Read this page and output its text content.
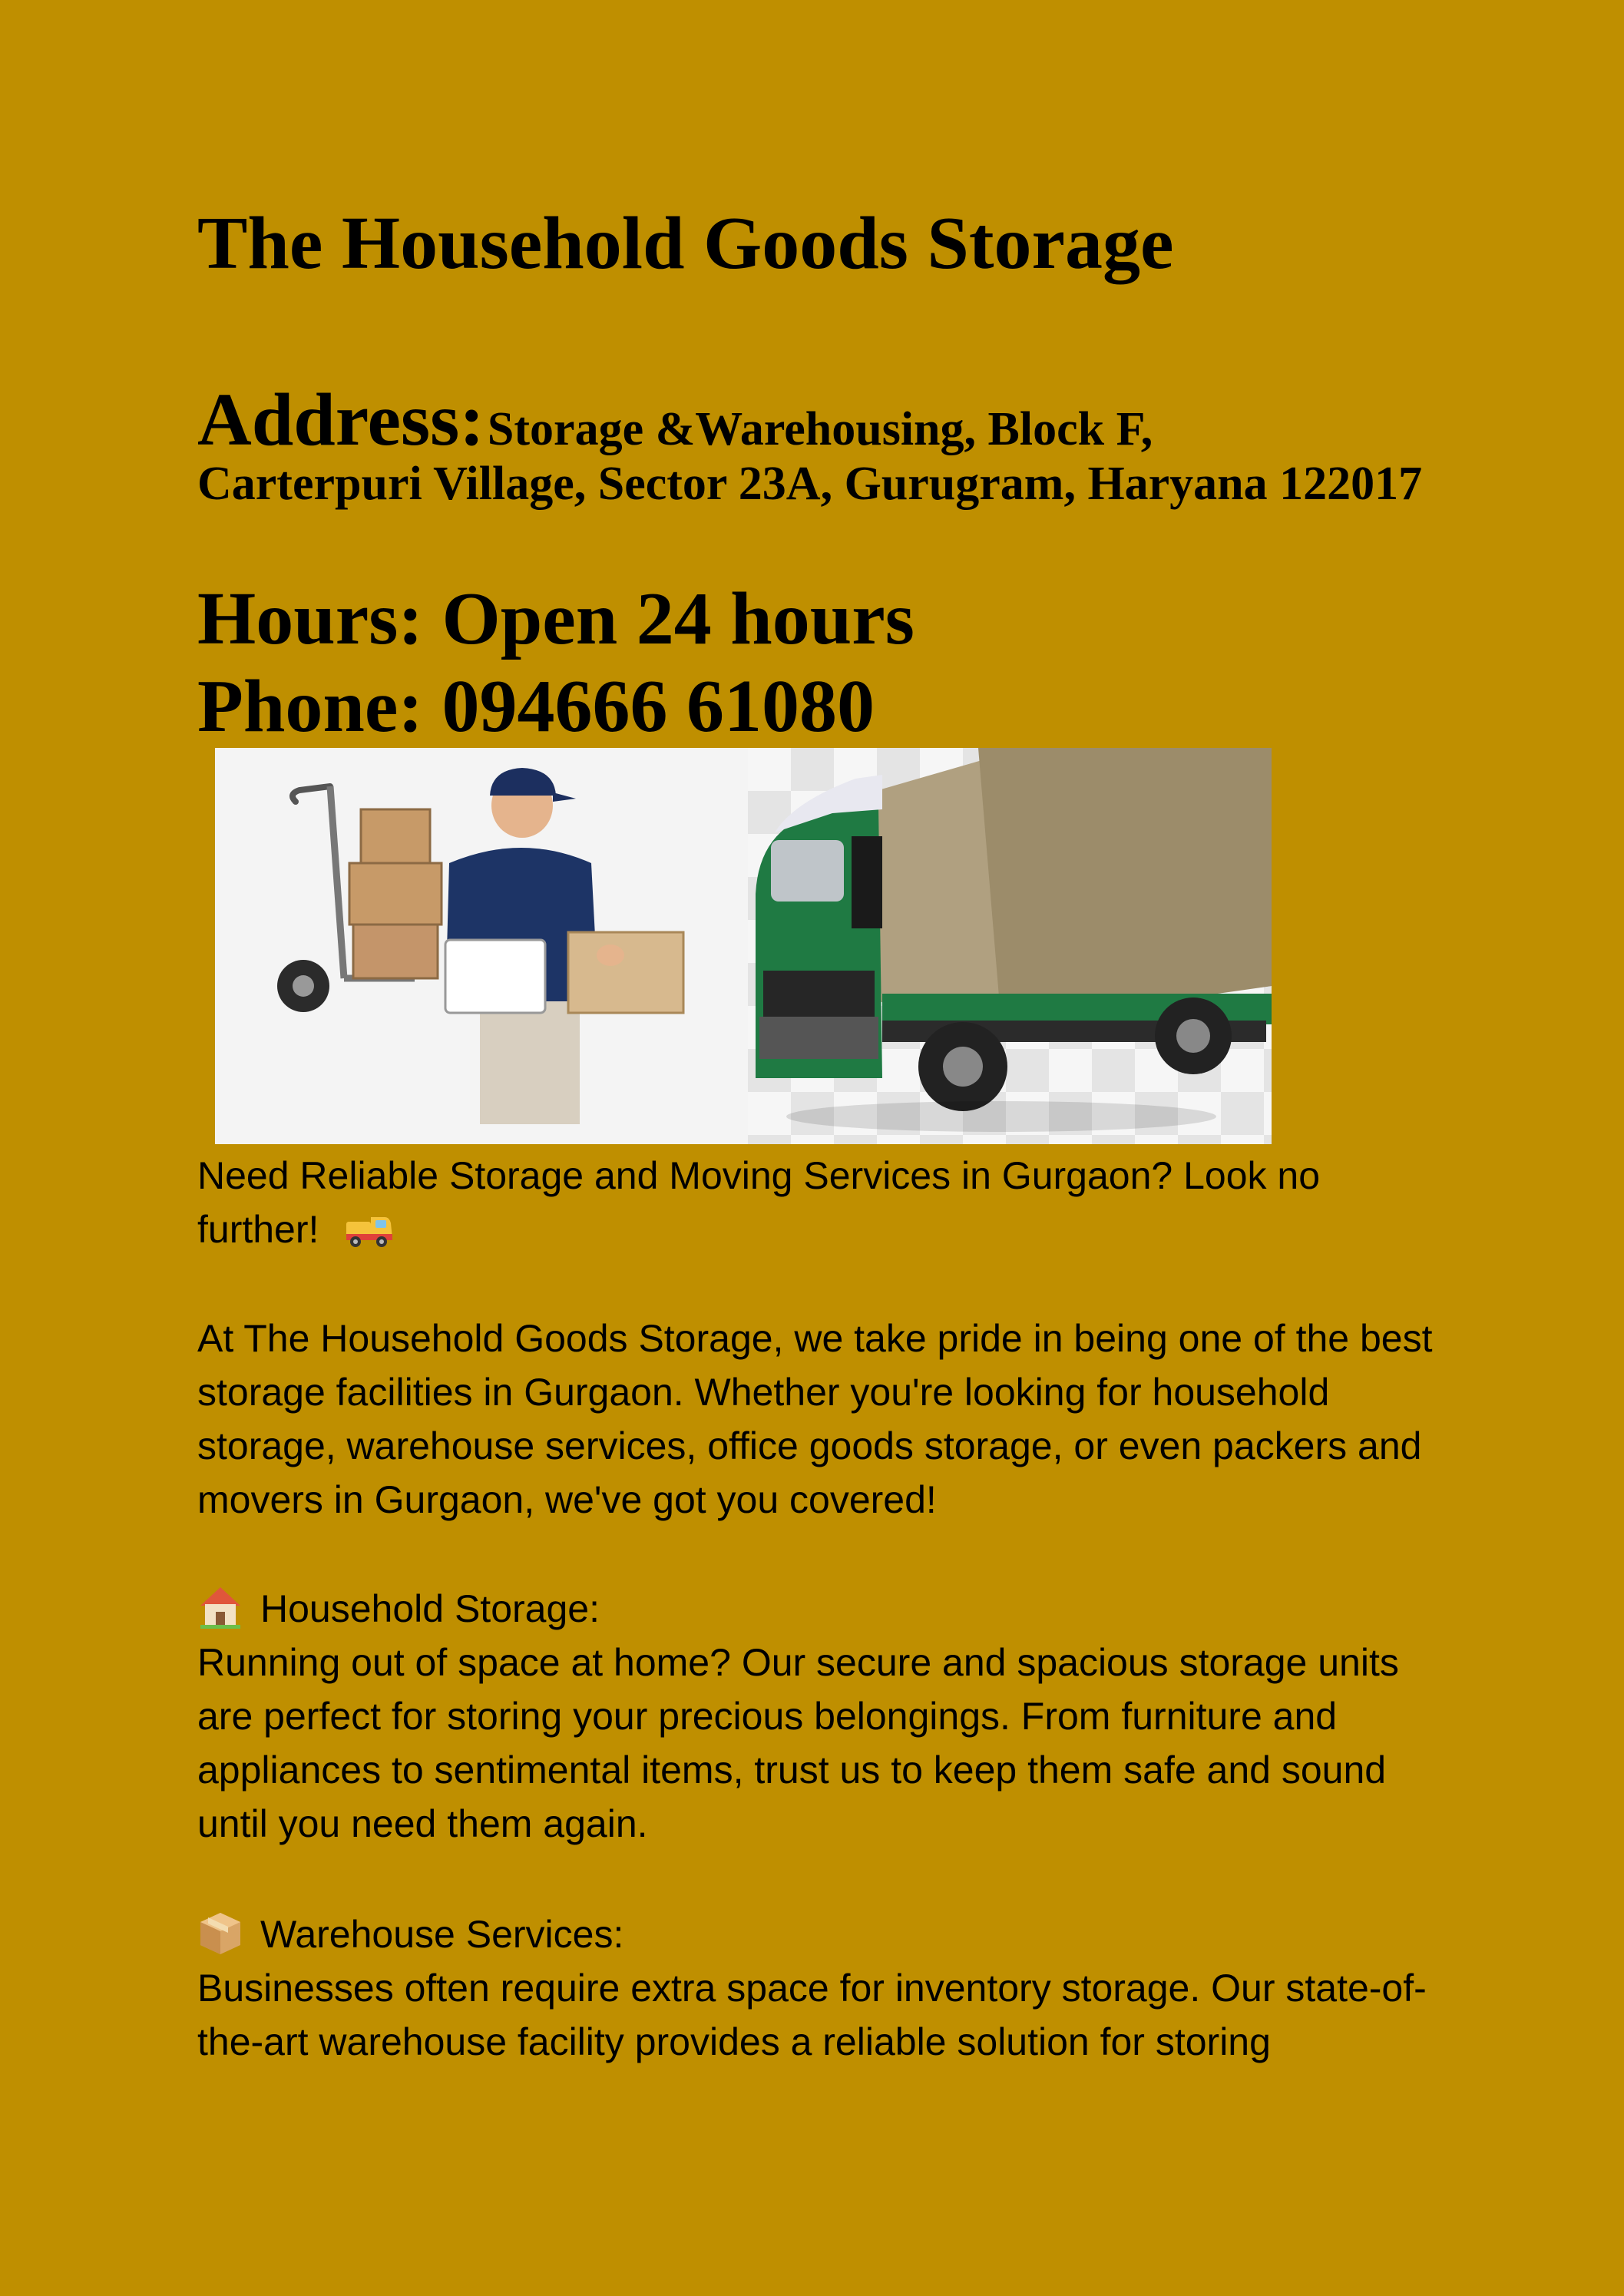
The Household Goods Storage
Address: Storage &Warehousing, Block F,
Carterpuri Village, Sector 23A, Gurugram, Haryana 122017

Hours: Open 24 hours

Phone: 094666 61080

Need Reliable Storage and Moving Services in Gurgaon? Look no further!

At The Household Goods Storage, we take pride in being one of the best storage facilities in Gurgaon. Whether you're looking for household storage, warehouse services, office goods storage, or even packers and movers in Gurgaon, we've got you covered!

Household Storage:

Running out of space at home? Our secure and spacious storage units are perfect for storing your precious belongings. From furniture and appliances to sentimental items, trust us to keep them safe and sound until you need them again.

Warehouse Services:

Businesses often require extra space for inventory storage. Our state-of-the-art warehouse facility provides a reliable solution for storing
